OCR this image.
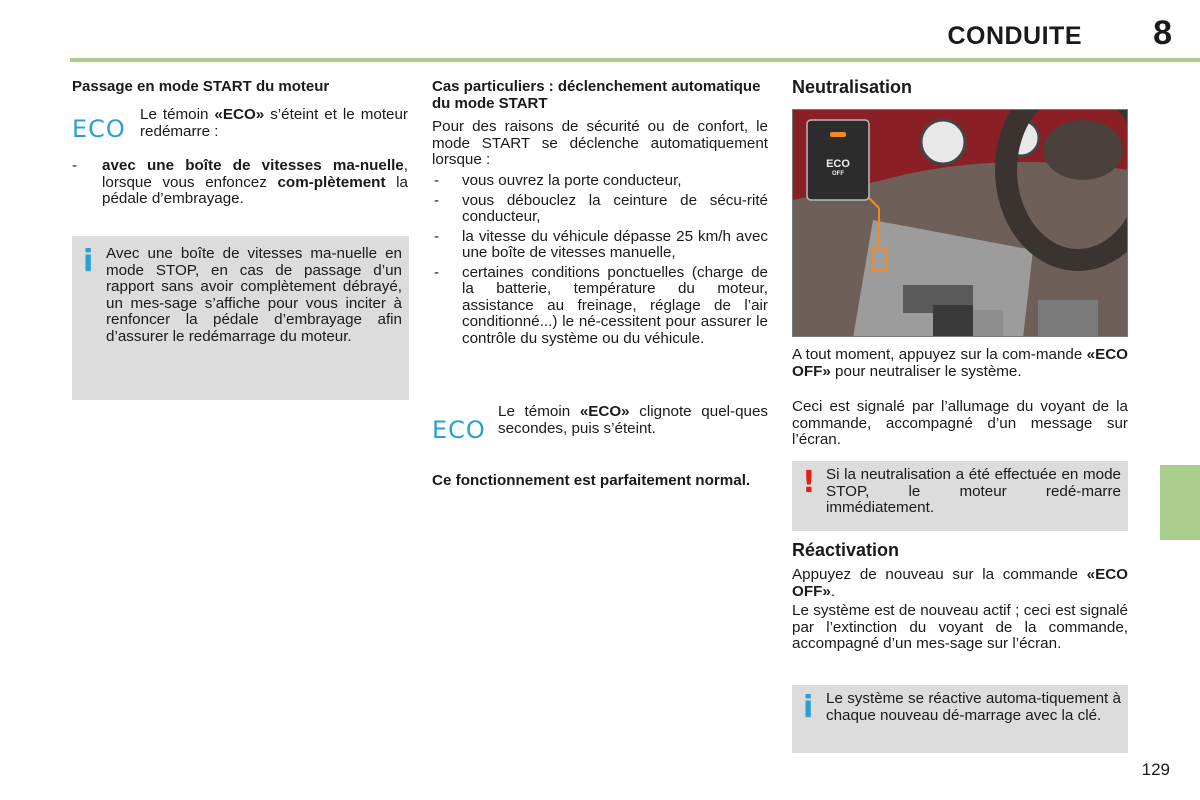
CONDUITE 8
129
Passage en mode START du moteur
ECO
Le témoin «ECO» s’éteint et le moteur redémarre :
-	avec une boîte de vitesses ma-nuelle, lorsque vous enfoncez com-plètement la pédale d’embrayage.
i Avec une boîte de vitesses ma-nuelle en mode STOP, en cas de passage d’un rapport sans avoir complètement débrayé, un mes-sage s’affiche pour vous inciter à renfoncer la pédale d’embrayage afin d’assurer le redémarrage du moteur.
Cas particuliers : déclenchement automatique du mode START
Pour des raisons de sécurité ou de confort, le mode START se déclenche automatiquement lorsque :
- vous ouvrez la porte conducteur,
- vous débouclez la ceinture de sécu-rité conducteur,
- la vitesse du véhicule dépasse 25 km/h avec une boîte de vitesses manuelle,
- certaines conditions ponctuelles (charge de la batterie, température du moteur, assistance au freinage, réglage de l’air conditionné...) le né-cessitent pour assurer le contrôle du système ou du véhicule.
ECO
Le témoin «ECO» clignote quel-ques secondes, puis s’éteint.
Ce fonctionnement est parfaitement normal.
Neutralisation
ECO
OFF
A tout moment, appuyez sur la com-mande «ECO OFF» pour neutraliser le système.
Ceci est signalé par l’allumage du voyant de la commande, accompagné d’un message sur l’écran.
! Si la neutralisation a été effectuée en mode STOP, le moteur redé-marre immédiatement.
Réactivation
Appuyez de nouveau sur la commande «ECO OFF».
Le système est de nouveau actif ; ceci est signalé par l’extinction du voyant de la commande, accompagné d’un mes-sage sur l’écran.
i Le système se réactive automa-tiquement à chaque nouveau dé-marrage avec la clé.
